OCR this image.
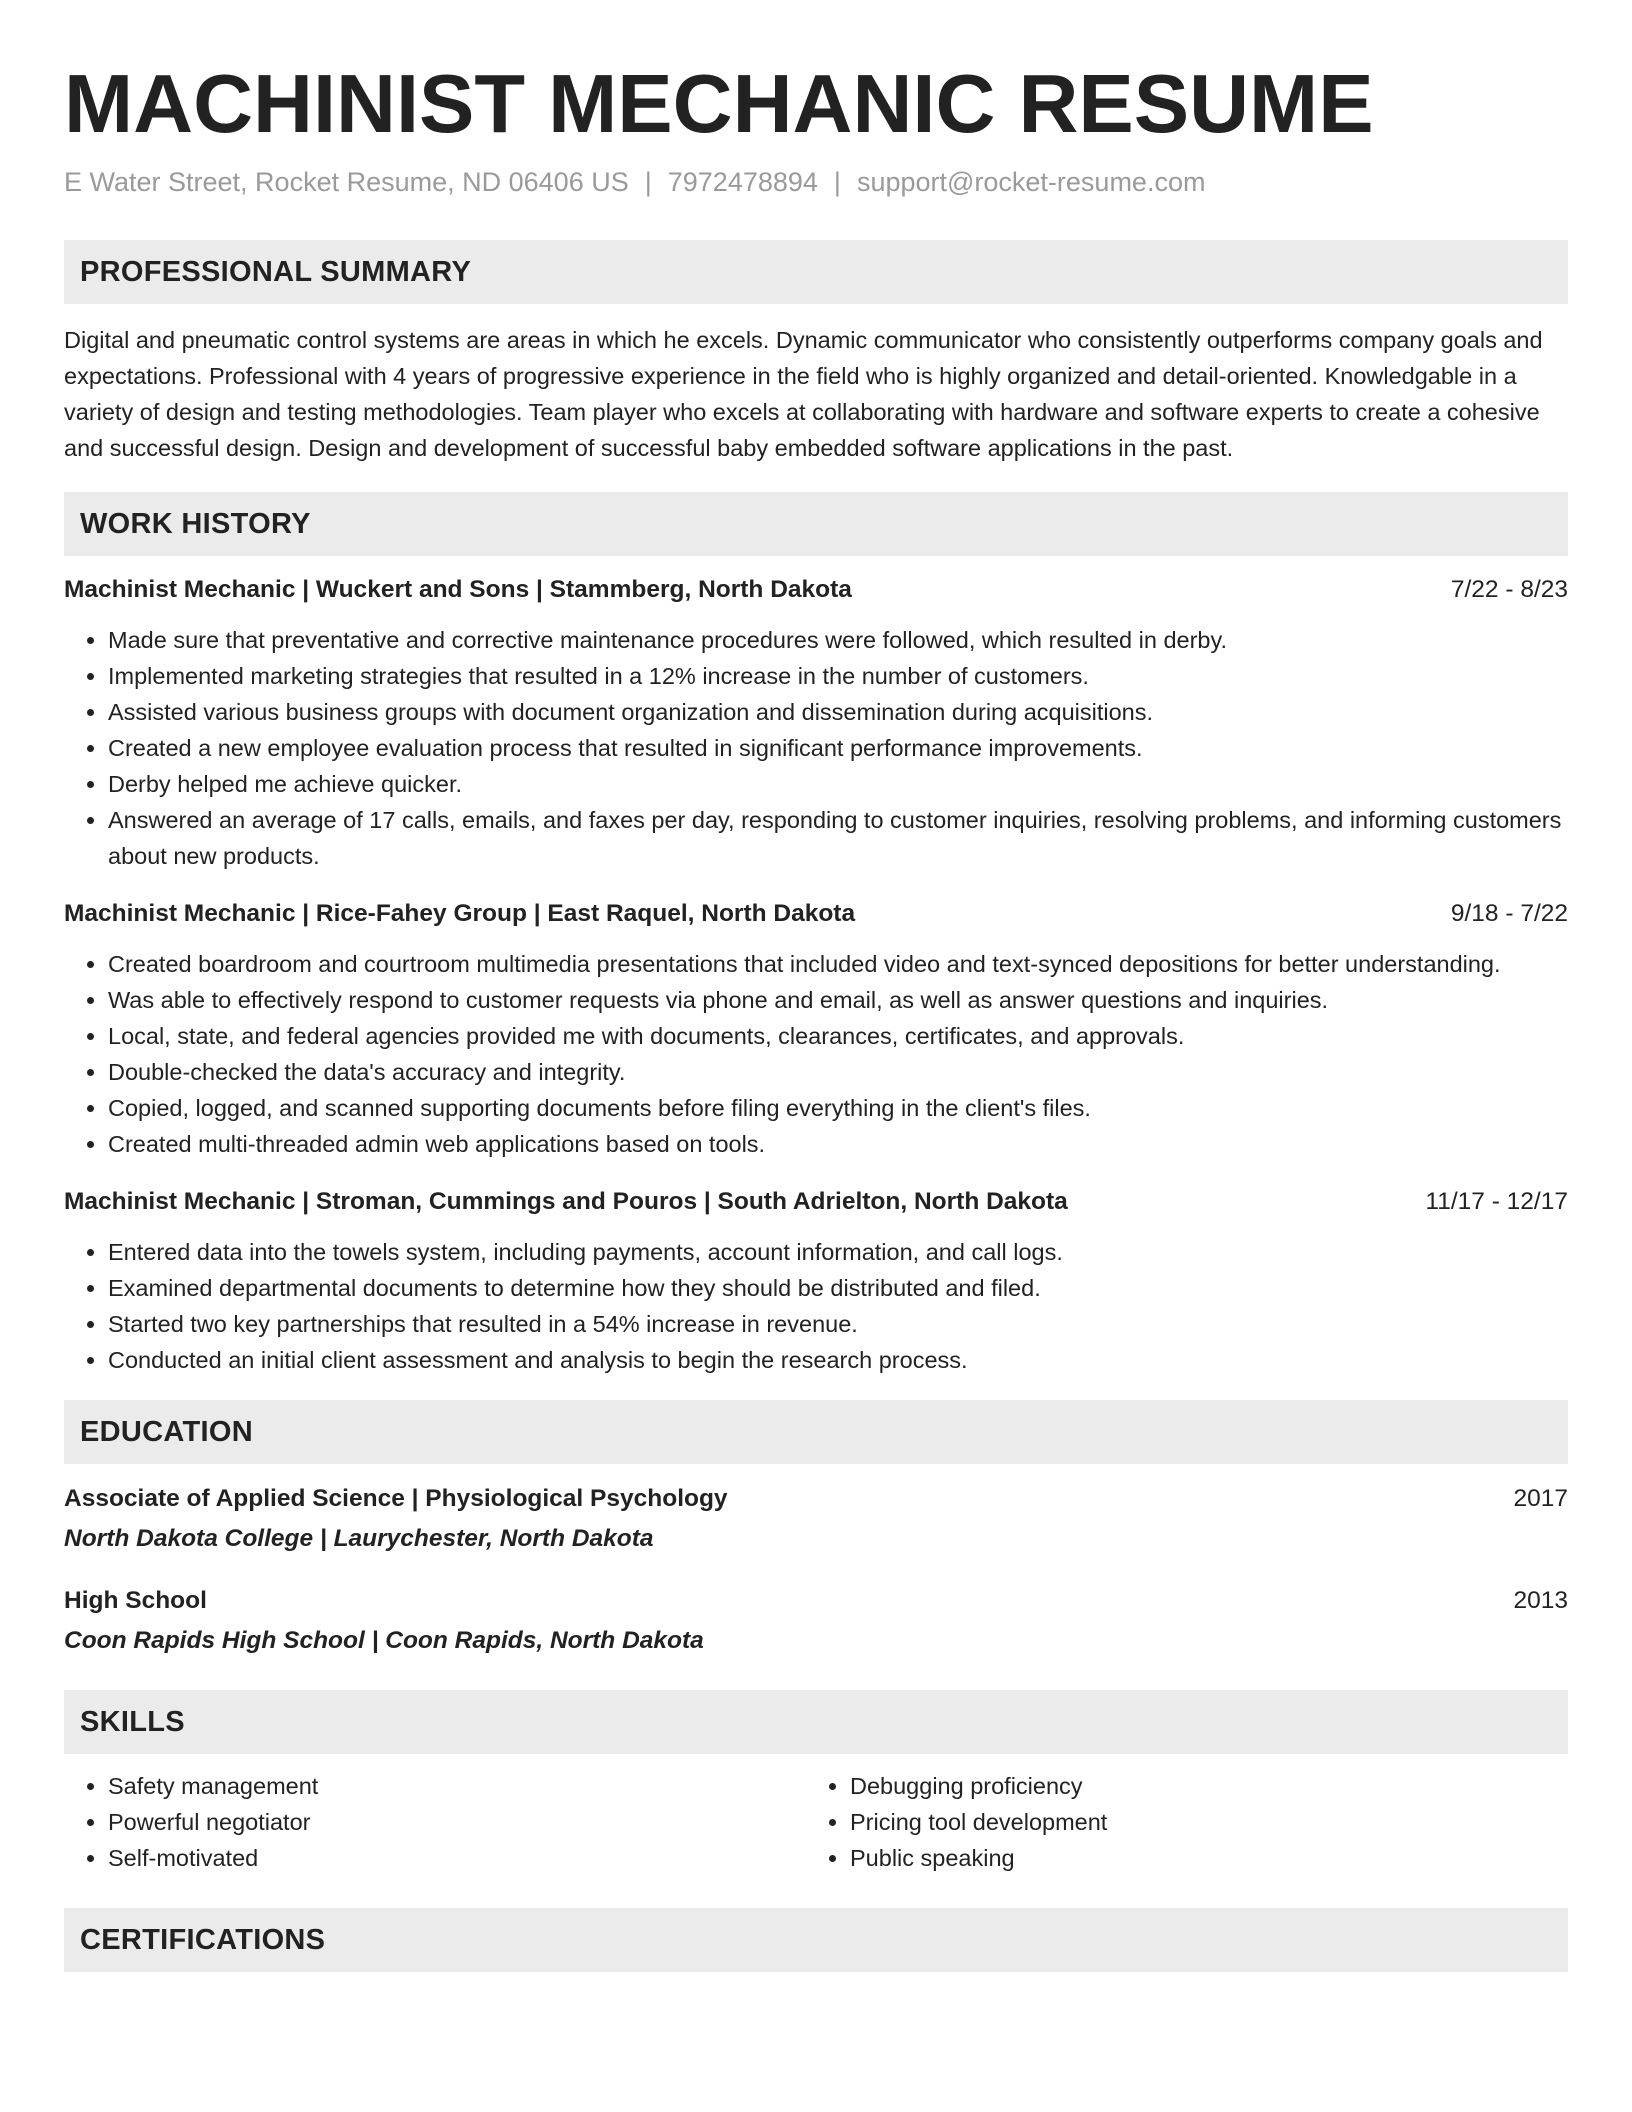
MACHINIST MECHANIC RESUME
E Water Street, Rocket Resume, ND 06406 US | 7972478894 | support@rocket-resume.com
PROFESSIONAL SUMMARY

Digital and pneumatic control systems are areas in which he excels. Dynamic communicator who consistently outperforms company goals and expectations. Professional with 4 years of progressive experience in the field who is highly organized and detail-oriented. Knowledgable in a variety of design and testing methodologies. Team player who excels at collaborating with hardware and software experts to create a cohesive and successful design. Design and development of successful baby embedded software applications in the past.

WORK HISTORY
Machinist Mechanic | Wuckert and Sons | Stammberg, North Dakota	7/22 - 8/23
• Made sure that preventative and corrective maintenance procedures were followed, which resulted in derby.
• Implemented marketing strategies that resulted in a 12% increase in the number of customers.
• Assisted various business groups with document organization and dissemination during acquisitions.
• Created a new employee evaluation process that resulted in significant performance improvements.
• Derby helped me achieve quicker.
• Answered an average of 17 calls, emails, and faxes per day, responding to customer inquiries, resolving problems, and informing customers about new products.
Machinist Mechanic | Rice-Fahey Group | East Raquel, North Dakota	9/18 - 7/22
• Created boardroom and courtroom multimedia presentations that included video and text-synced depositions for better understanding.
• Was able to effectively respond to customer requests via phone and email, as well as answer questions and inquiries.
• Local, state, and federal agencies provided me with documents, clearances, certificates, and approvals.
• Double-checked the data's accuracy and integrity.
• Copied, logged, and scanned supporting documents before filing everything in the client's files.
• Created multi-threaded admin web applications based on tools.
Machinist Mechanic | Stroman, Cummings and Pouros | South Adrielton, North Dakota	11/17 - 12/17
• Entered data into the towels system, including payments, account information, and call logs.
• Examined departmental documents to determine how they should be distributed and filed.
• Started two key partnerships that resulted in a 54% increase in revenue.
• Conducted an initial client assessment and analysis to begin the research process.
EDUCATION
Associate of Applied Science | Physiological Psychology	2017
North Dakota College | Laurychester, North Dakota
High School	2013
Coon Rapids High School | Coon Rapids, North Dakota
SKILLS
• Safety management
• Powerful negotiator
• Self-motivated
• Debugging proficiency
• Pricing tool development
• Public speaking
CERTIFICATIONS
